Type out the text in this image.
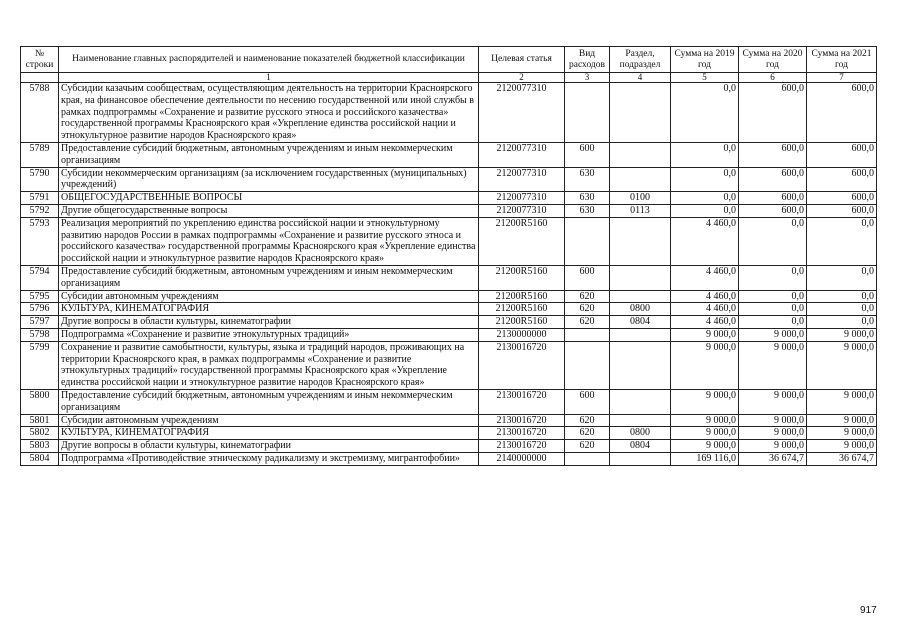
№ строки	Наименование главных распорядителей и наименование показателей бюджетной классификации	Целевая статья	Вид расходов	Раздел, подраздел	Сумма на 2019 год	Сумма на 2020 год	Сумма на 2021 год
	1	2	3	4	5	6	7
5788	Субсидии казачьим сообществам, осуществляющим деятельность на территории Красноярского края, на финансовое обеспечение деятельности по несению государственной или иной службы в рамках подпрограммы «Сохранение и развитие русского этноса и российского казачества» государственной программы Красноярского края «Укрепление единства российской нации и этнокультурное развитие народов Красноярского края»	2120077310			0,0	600,0	600,0
5789	Предоставление субсидий бюджетным, автономным учреждениям и иным некоммерческим организациям	2120077310	600		0,0	600,0	600,0
5790	Субсидии некоммерческим организациям (за исключением государственных (муниципальных) учреждений)	2120077310	630		0,0	600,0	600,0
5791	ОБЩЕГОСУДАРСТВЕННЫЕ ВОПРОСЫ	2120077310	630	0100	0,0	600,0	600,0
5792	Другие общегосударственные вопросы	2120077310	630	0113	0,0	600,0	600,0
5793	Реализация мероприятий по укреплению единства российской нации и этнокультурному развитию народов России в рамках подпрограммы «Сохранение и развитие русского этноса и российского казачества» государственной программы Красноярского края «Укрепление единства российской нации и этнокультурное развитие народов Красноярского края»	21200R5160			4 460,0	0,0	0,0
5794	Предоставление субсидий бюджетным, автономным учреждениям и иным некоммерческим организациям	21200R5160	600		4 460,0	0,0	0,0
5795	Субсидии автономным учреждениям	21200R5160	620		4 460,0	0,0	0,0
5796	КУЛЬТУРА, КИНЕМАТОГРАФИЯ	21200R5160	620	0800	4 460,0	0,0	0,0
5797	Другие вопросы в области культуры, кинематографии	21200R5160	620	0804	4 460,0	0,0	0,0
5798	Подпрограмма «Сохранение и развитие этнокультурных традиций»	2130000000			9 000,0	9 000,0	9 000,0
5799	Сохранение и развитие самобытности, культуры, языка и традиций народов, проживающих на территории Красноярского края, в рамках подпрограммы «Сохранение и развитие этнокультурных традиций» государственной программы Красноярского края «Укрепление единства российской нации и этнокультурное развитие народов Красноярского края»	2130016720			9 000,0	9 000,0	9 000,0
5800	Предоставление субсидий бюджетным, автономным учреждениям и иным некоммерческим организациям	2130016720	600		9 000,0	9 000,0	9 000,0
5801	Субсидии автономным учреждениям	2130016720	620		9 000,0	9 000,0	9 000,0
5802	КУЛЬТУРА, КИНЕМАТОГРАФИЯ	2130016720	620	0800	9 000,0	9 000,0	9 000,0
5803	Другие вопросы в области культуры, кинематографии	2130016720	620	0804	9 000,0	9 000,0	9 000,0
5804	Подпрограмма «Противодействие этническому радикализму и экстремизму, мигрантофобии»	2140000000			169 116,0	36 674,7	36 674,7
917
